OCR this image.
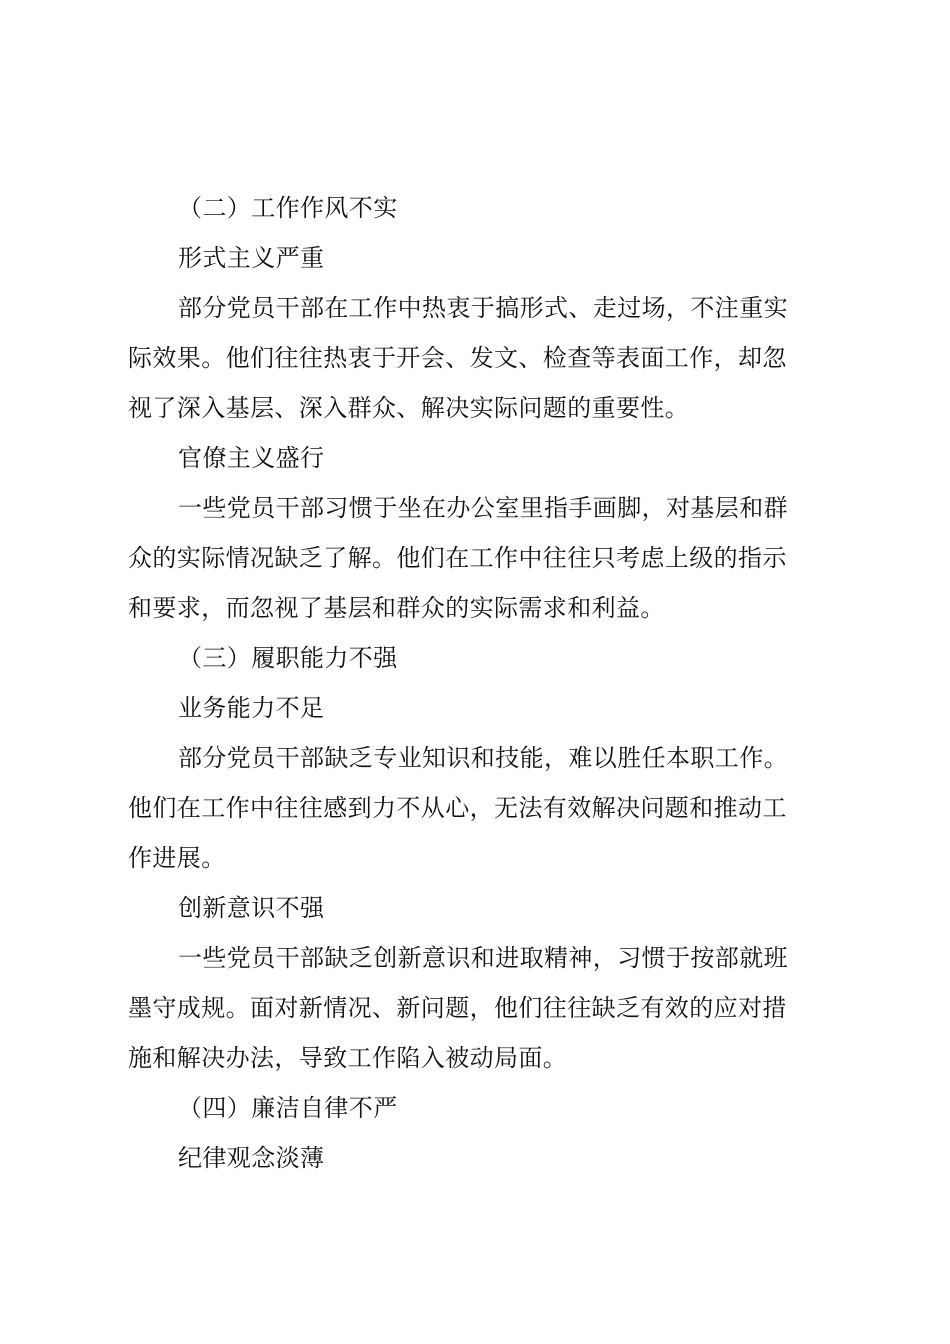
（二）工作作风不实
形式主义严重
部分党员干部在工作中热衷于搞形式、走过场，不注重实
际效果。他们往往热衷于开会、发文、检查等表面工作，却忽
视了深入基层、深入群众、解决实际问题的重要性。
官僚主义盛行
一些党员干部习惯于坐在办公室里指手画脚，对基层和群
众的实际情况缺乏了解。他们在工作中往往只考虑上级的指示
和要求，而忽视了基层和群众的实际需求和利益。
（三）履职能力不强
业务能力不足
部分党员干部缺乏专业知识和技能，难以胜任本职工作。
他们在工作中往往感到力不从心，无法有效解决问题和推动工
作进展。
创新意识不强
一些党员干部缺乏创新意识和进取精神，习惯于按部就班
墨守成规。面对新情况、新问题，他们往往缺乏有效的应对措
施和解决办法，导致工作陷入被动局面。
（四）廉洁自律不严
纪律观念淡薄
